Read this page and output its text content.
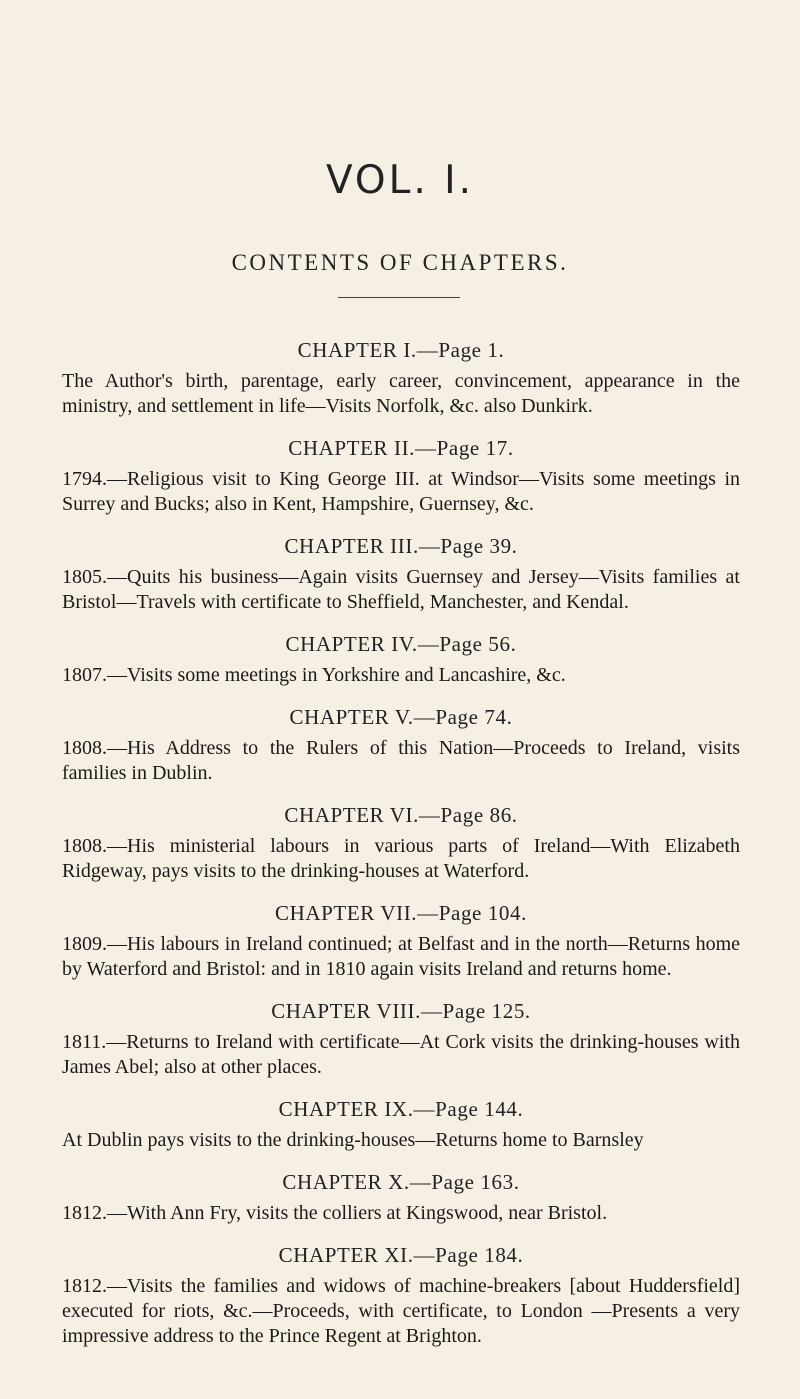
VOL. I.
CONTENTS OF CHAPTERS.
CHAPTER I.—Page 1.
The Author's birth, parentage, early career, convincement, appearance in the ministry, and settlement in life—Visits Norfolk, &c. also Dunkirk.
CHAPTER II.—Page 17.
1794.—Religious visit to King George III. at Windsor—Visits some meetings in Surrey and Bucks; also in Kent, Hampshire, Guernsey, &c.
CHAPTER III.—Page 39.
1805.—Quits his business—Again visits Guernsey and Jersey—Visits families at Bristol—Travels with certificate to Sheffield, Manchester, and Kendal.
CHAPTER IV.—Page 56.
1807.—Visits some meetings in Yorkshire and Lancashire, &c.
CHAPTER V.—Page 74.
1808.—His Address to the Rulers of this Nation—Proceeds to Ireland, visits families in Dublin.
CHAPTER VI.—Page 86.
1808.—His ministerial labours in various parts of Ireland—With Elizabeth Ridgeway, pays visits to the drinking-houses at Waterford.
CHAPTER VII.—Page 104.
1809.—His labours in Ireland continued; at Belfast and in the north—Returns home by Waterford and Bristol: and in 1810 again visits Ireland and returns home.
CHAPTER VIII.—Page 125.
1811.—Returns to Ireland with certificate—At Cork visits the drinking-houses with James Abel; also at other places.
CHAPTER IX.—Page 144.
At Dublin pays visits to the drinking-houses—Returns home to Barnsley
CHAPTER X.—Page 163.
1812.—With Ann Fry, visits the colliers at Kingswood, near Bristol.
CHAPTER XI.—Page 184.
1812.—Visits the families and widows of machine-breakers [about Huddersfield] executed for riots, &c.—Proceeds, with certificate, to London —Presents a very impressive address to the Prince Regent at Brighton.
